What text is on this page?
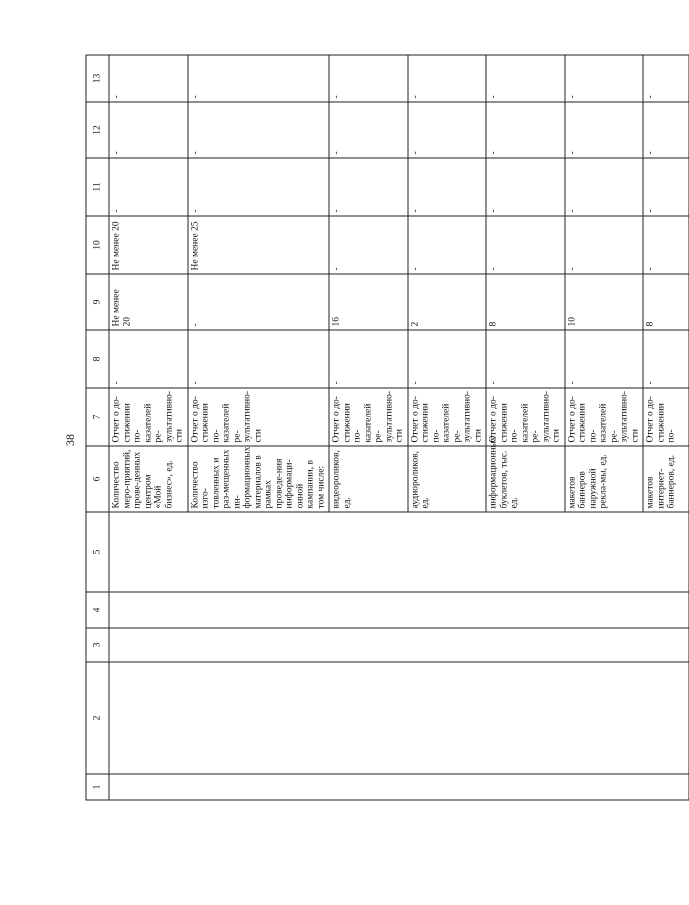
38
1	2	3	4	5	6	7	8	9	10	11	12	13
					Количество меро-приятий, прове-денных центром «Мой бизнес», ед.	Отчет о до-стижении по-казателей ре-зультативно-сти	-	Не менее 20	Не менее 20	-	-	-
					Количество изго-товленных и раз-мещенных ин-формационных материалов в рамках проведе-ния информаци-онной кампании, в том числе:	Отчет о до-стижении по-казателей ре-зультативно-сти	-	-	Не менее 25	-	-	-
					видеороликов, ед.	Отчет о до-стижении по-казателей ре-зультативно-сти	-	16	-	-	-	-
					аудиороликов, ед.	Отчет о до-стижении по-казателей ре-зультативно-сти	-	2	-	-	-	-
					информационных буклетов, тыс. ед.	Отчет о до-стижении по-казателей ре-зультативно-сти	-	8	-	-	-	-
					макетов баннеров наружной рекла-мы, ед.	Отчет о до-стижении по-казателей ре-зультативно-сти	-	10	-	-	-	-
					макетов интернет-баннеров, ед.	Отчет о до-стижении по-	-	8	-	-	-	-
